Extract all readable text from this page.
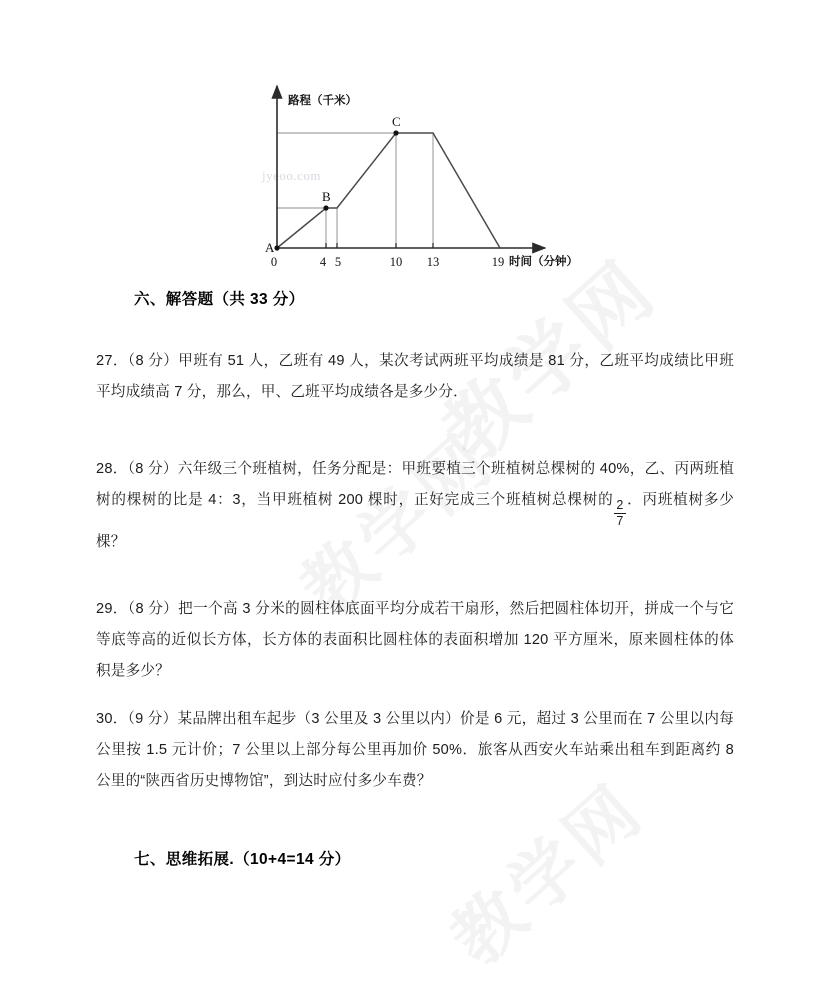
jyeoo.com
A
B
C
路程（千米）
时间（分钟）
0	4 5	10 13	19
六、解答题（共 33 分）

27．（8 分）甲班有 51 人，乙班有 49 人，某次考试两班平均成绩是 81 分，乙班平均成绩比甲班平均成绩高 7 分，那么，甲、乙班平均成绩各是多少分．

28．（8 分）六年级三个班植树，任务分配是：甲班要植三个班植树总棵树的 40%，乙、丙两班植树的棵树的比是 4：3，当甲班植树 200 棵时，正好完成三个班植树总棵树的 $\frac{2}{7}$ ．丙班植树多少棵？

29．（8 分）把一个高 3 分米的圆柱体底面平均分成若干扇形，然后把圆柱体切开，拼成一个与它等底等高的近似长方体，长方体的表面积比圆柱体的表面积增加 120 平方厘米，原来圆柱体的体积是多少？

30．（9 分）某品牌出租车起步（3 公里及 3 公里以内）价是 6 元，超过 3 公里而在 7 公里以内每公里按 1.5 元计价；7 公里以上部分每公里再加价 50%．旅客从西安火车站乘出租车到距离约 8 公里的“陕西省历史博物馆”，到达时应付多少车费？

七、思维拓展.（10+4=14 分）
